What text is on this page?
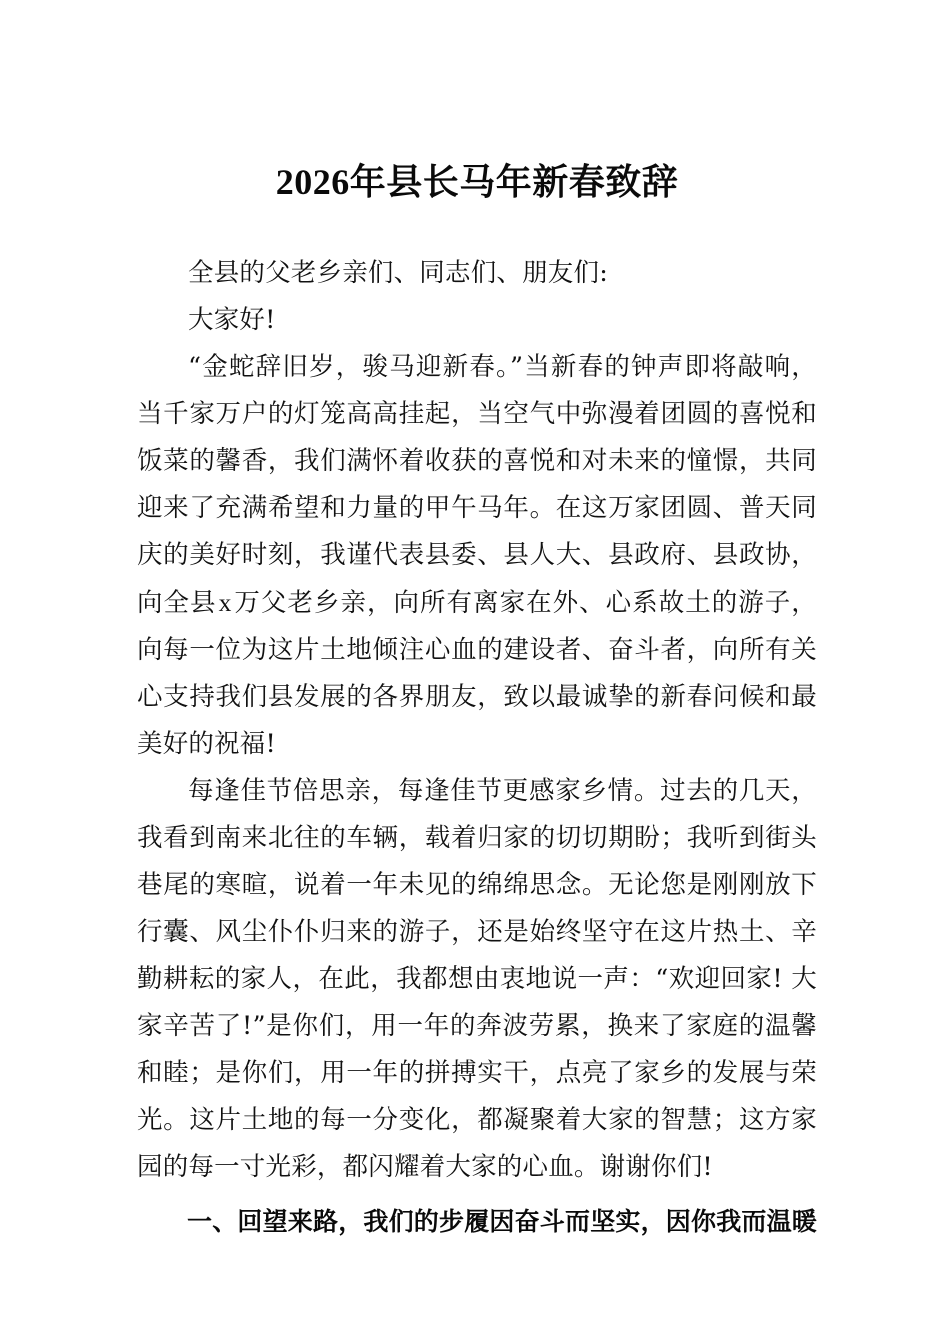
2026年县长马年新春致辞

全县的父老乡亲们、同志们、朋友们:

大家好!

“金蛇辞旧岁，骏马迎新春。”当新春的钟声即将敲响，当千家万户的灯笼高高挂起，当空气中弥漫着团圆的喜悦和饭菜的馨香，我们满怀着收获的喜悦和对未来的憧憬，共同迎来了充满希望和力量的甲午马年。在这万家团圆、普天同庆的美好时刻，我谨代表县委、县人大、县政府、县政协，向全县x万父老乡亲，向所有离家在外、心系故土的游子，向每一位为这片土地倾注心血的建设者、奋斗者，向所有关心支持我们县发展的各界朋友，致以最诚挚的新春问候和最美好的祝福!

每逢佳节倍思亲，每逢佳节更感家乡情。过去的几天，我看到南来北往的车辆，载着归家的切切期盼；我听到街头巷尾的寒暄，说着一年未见的绵绵思念。无论您是刚刚放下行囊、风尘仆仆归来的游子，还是始终坚守在这片热土、辛勤耕耘的家人，在此，我都想由衷地说一声：“欢迎回家! 大家辛苦了!”是你们，用一年的奔波劳累，换来了家庭的温馨和睦；是你们，用一年的拼搏实干，点亮了家乡的发展与荣光。这片土地的每一分变化，都凝聚着大家的智慧；这方家园的每一寸光彩，都闪耀着大家的心血。谢谢你们!

一、回望来路，我们的步履因奋斗而坚实，因你我而温暖
